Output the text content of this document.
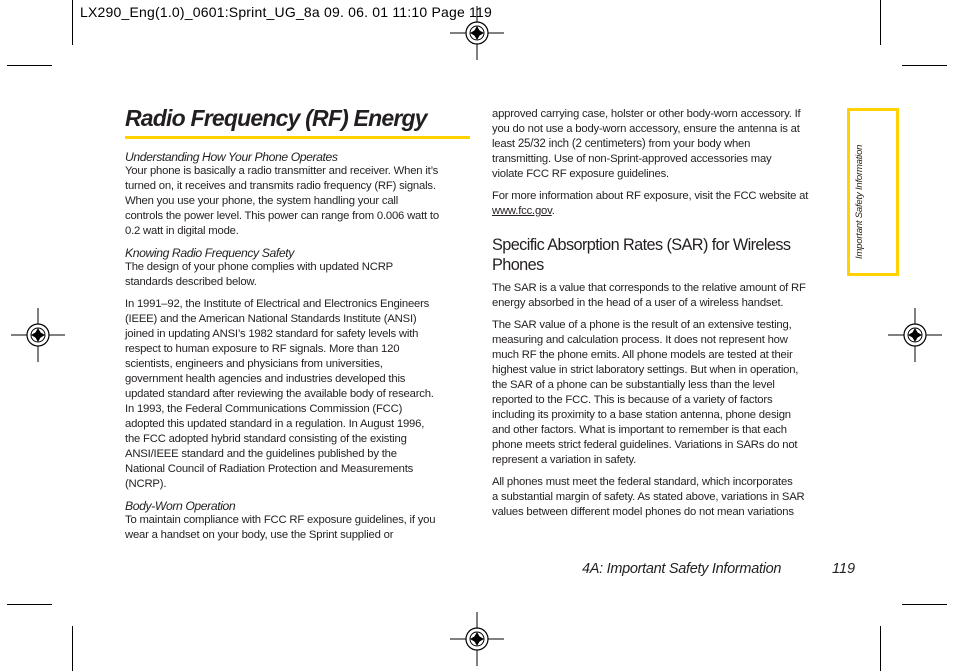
LX290_Eng(1.0)_0601:Sprint_UG_8a 09. 06. 01 11:10 Page 119
Radio Frequency (RF) Energy
Understanding How Your Phone Operates

Your phone is basically a radio transmitter and receiver. When it’s
turned on, it receives and transmits radio frequency (RF) signals.
When you use your phone, the system handling your call
controls the power level. This power can range from 0.006 watt to
0.2 watt in digital mode.

Knowing Radio Frequency Safety

The design of your phone complies with updated NCRP
standards described below.

In 1991–92, the Institute of Electrical and Electronics Engineers
(IEEE) and the American National Standards Institute (ANSI)
joined in updating ANSI’s 1982 standard for safety levels with
respect to human exposure to RF signals. More than 120
scientists, engineers and physicians from universities,
government health agencies and industries developed this
updated standard after reviewing the available body of research.
In 1993, the Federal Communications Commission (FCC)
adopted this updated standard in a regulation. In August 1996,
the FCC adopted hybrid standard consisting of the existing
ANSI/IEEE standard and the guidelines published by the
National Council of Radiation Protection and Measurements
(NCRP).

Body-Worn Operation

To maintain compliance with FCC RF exposure guidelines, if you
wear a handset on your body, use the Sprint supplied or

approved carrying case, holster or other body-worn accessory. If
you do not use a body-worn accessory, ensure the antenna is at
least 25/32 inch (2 centimeters) from your body when
transmitting. Use of non-Sprint-approved accessories may
violate FCC RF exposure guidelines.

For more information about RF exposure, visit the FCC website at
www.fcc.gov.

Specific Absorption Rates (SAR) for Wireless
Phones

The SAR is a value that corresponds to the relative amount of RF
energy absorbed in the head of a user of a wireless handset.

The SAR value of a phone is the result of an extensive testing,
measuring and calculation process. It does not represent how
much RF the phone emits. All phone models are tested at their
highest value in strict laboratory settings. But when in operation,
the SAR of a phone can be substantially less than the level
reported to the FCC. This is because of a variety of factors
including its proximity to a base station antenna, phone design
and other factors. What is important to remember is that each
phone meets strict federal guidelines. Variations in SARs do not
represent a variation in safety.

All phones must meet the federal standard, which incorporates
a substantial margin of safety. As stated above, variations in SAR
values between different model phones do not mean variations

Important Safety Information
4A: Important Safety Information	119
